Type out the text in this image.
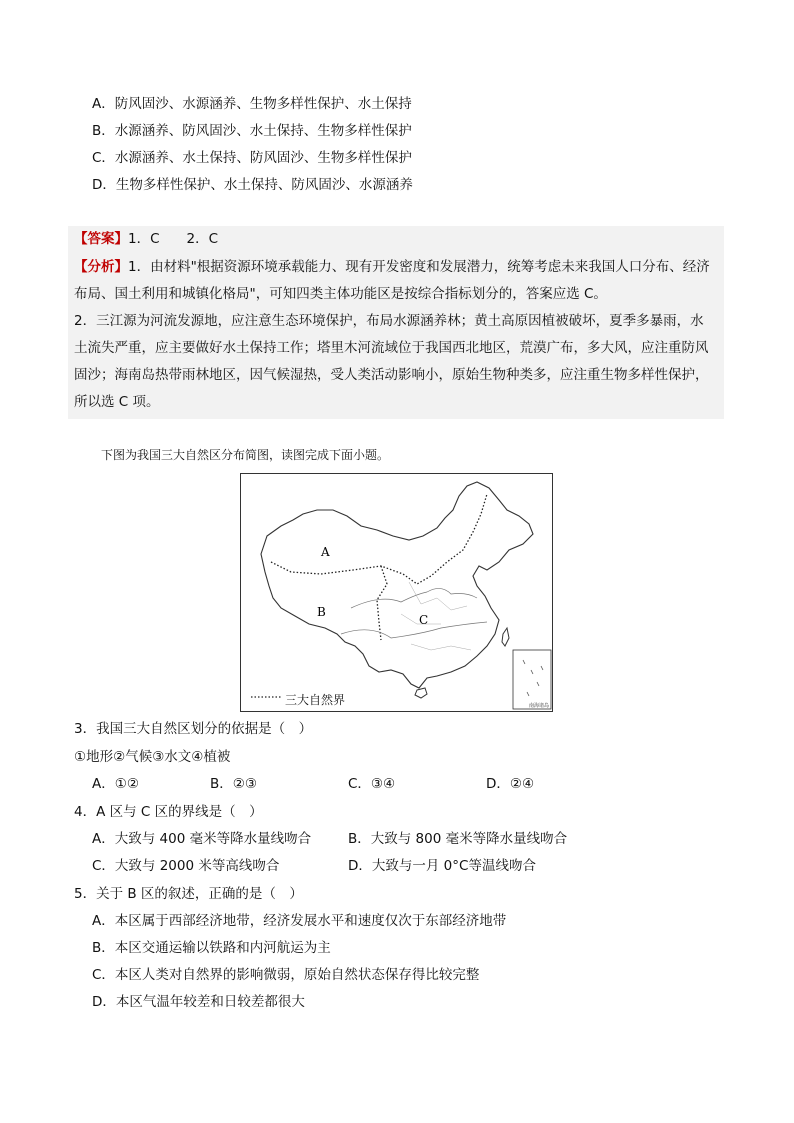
A．防风固沙、水源涵养、生物多样性保护、水土保持
B．水源涵养、防风固沙、水土保持、生物多样性保护
C．水源涵养、水土保持、防风固沙、生物多样性保护
D．生物多样性保护、水土保持、防风固沙、水源涵养
【答案】1．C　　2．C
【分析】1．由材料"根据资源环境承载能力、现有开发密度和发展潜力，统筹考虑未来我国人口分布、经济布局、国土利用和城镇化格局"，可知四类主体功能区是按综合指标划分的，答案应选 C。
2．三江源为河流发源地，应注意生态环境保护，布局水源涵养林；黄土高原因植被破坏，夏季多暴雨，水土流失严重，应主要做好水土保持工作；塔里木河流域位于我国西北地区，荒漠广布，多大风，应注重防风固沙；海南岛热带雨林地区，因气候湿热，受人类活动影响小，原始生物种类多，应注重生物多样性保护，所以选 C 项。
下图为我国三大自然区分布简图，读图完成下面小题。
A
B
C
三大自然界	南海诸岛
3．我国三大自然区划分的依据是（　）
①地形②气候③水文④植被
A．①②	B．②③	C．③④	D．②④
4．A 区与 C 区的界线是（　）
A．大致与 400 毫米等降水量线吻合	B．大致与 800 毫米等降水量线吻合
C．大致与 2000 米等高线吻合	D．大致与一月 0°C等温线吻合
5．关于 B 区的叙述，正确的是（　）
A．本区属于西部经济地带，经济发展水平和速度仅次于东部经济地带
B．本区交通运输以铁路和内河航运为主
C．本区人类对自然界的影响微弱，原始自然状态保存得比较完整
D．本区气温年较差和日较差都很大
